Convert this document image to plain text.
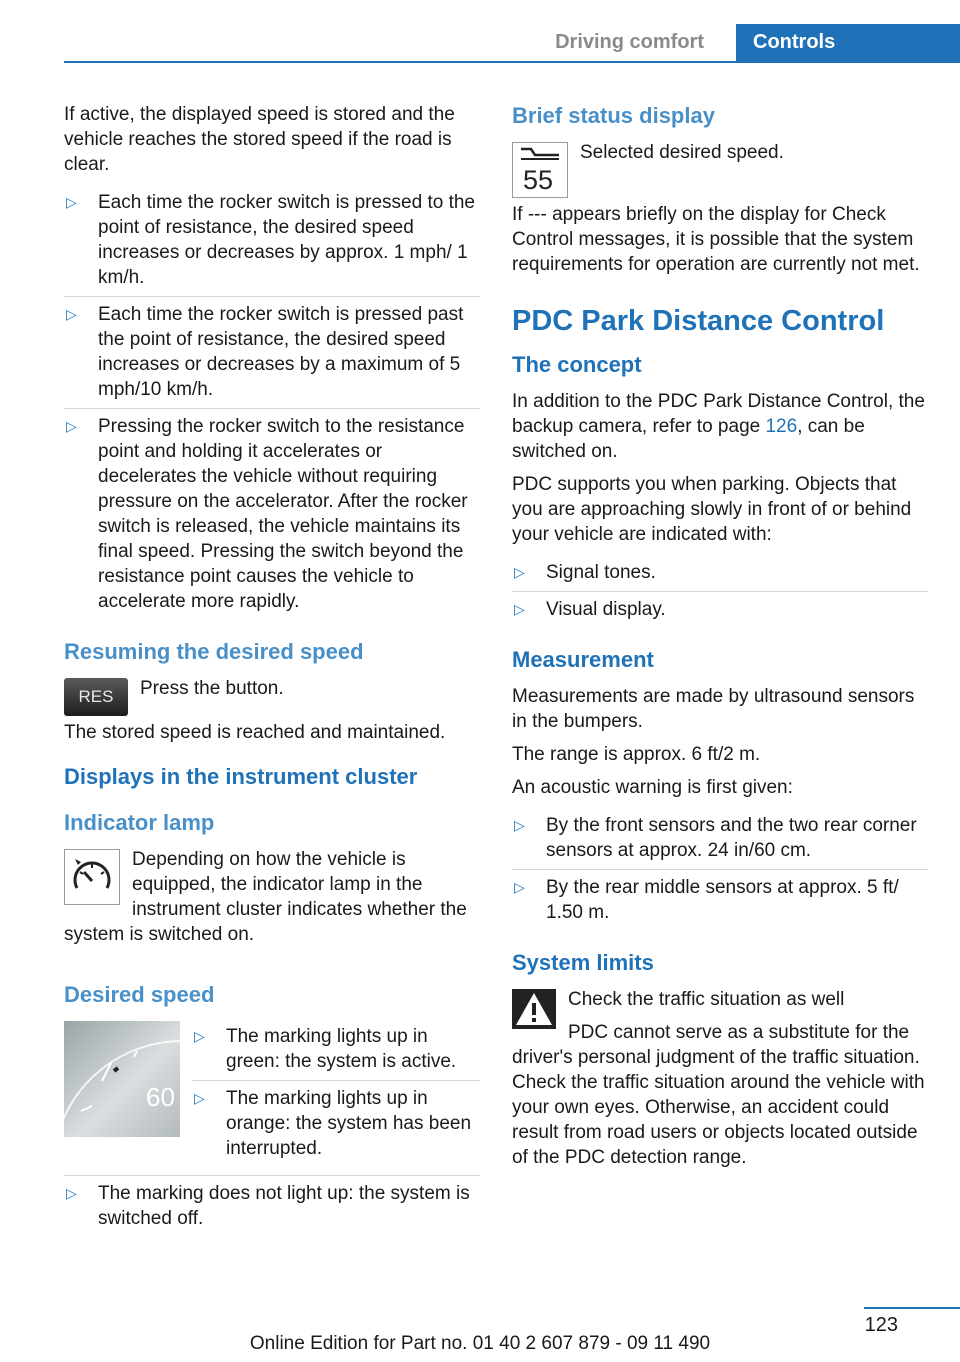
Driving comfort	Controls

If active, the displayed speed is stored and the vehicle reaches the stored speed if the road is clear.

▷ Each time the rocker switch is pressed to the point of resistance, the desired speed increases or decreases by approx. 1 mph/ 1 km/h.
▷ Each time the rocker switch is pressed past the point of resistance, the desired speed increases or decreases by a maximum of 5 mph/10 km/h.
▷ Pressing the rocker switch to the resistance point and holding it accelerates or decelerates the vehicle without requiring pressure on the accelerator. After the rocker switch is released, the vehicle maintains its final speed. Pressing the switch beyond the resistance point causes the vehicle to accelerate more rapidly.
Resuming the desired speed
RES	Press the button.

The stored speed is reached and maintained.

Displays in the instrument cluster
Indicator lamp

Depending on how the vehicle is equipped, the indicator lamp in the instrument cluster indicates whether the system is switched on.

Desired speed
60
▷ The marking lights up in green: the system is active.
▷ The marking lights up in orange: the system has been interrupted.
▷ The marking does not light up: the system is switched off.
Brief status display
55

Selected desired speed.

If --- appears briefly on the display for Check Control messages, it is possible that the system requirements for operation are currently not met.

PDC Park Distance Control
The concept

In addition to the PDC Park Distance Control, the backup camera, refer to page 126, can be switched on.

PDC supports you when parking. Objects that you are approaching slowly in front of or behind your vehicle are indicated with:

▷ Signal tones.
▷ Visual display.
Measurement

Measurements are made by ultrasound sensors in the bumpers.

The range is approx. 6 ft/2 m.

An acoustic warning is first given:

▷ By the front sensors and the two rear corner sensors at approx. 24 in/60 cm.
▷ By the rear middle sensors at approx. 5 ft/ 1.50 m.
System limits

Check the traffic situation as well

PDC cannot serve as a substitute for the driver's personal judgment of the traffic situation. Check the traffic situation around the vehicle with your own eyes. Otherwise, an accident could result from road users or objects located outside of the PDC detection range.

123
Online Edition for Part no. 01 40 2 607 879 - 09 11 490
